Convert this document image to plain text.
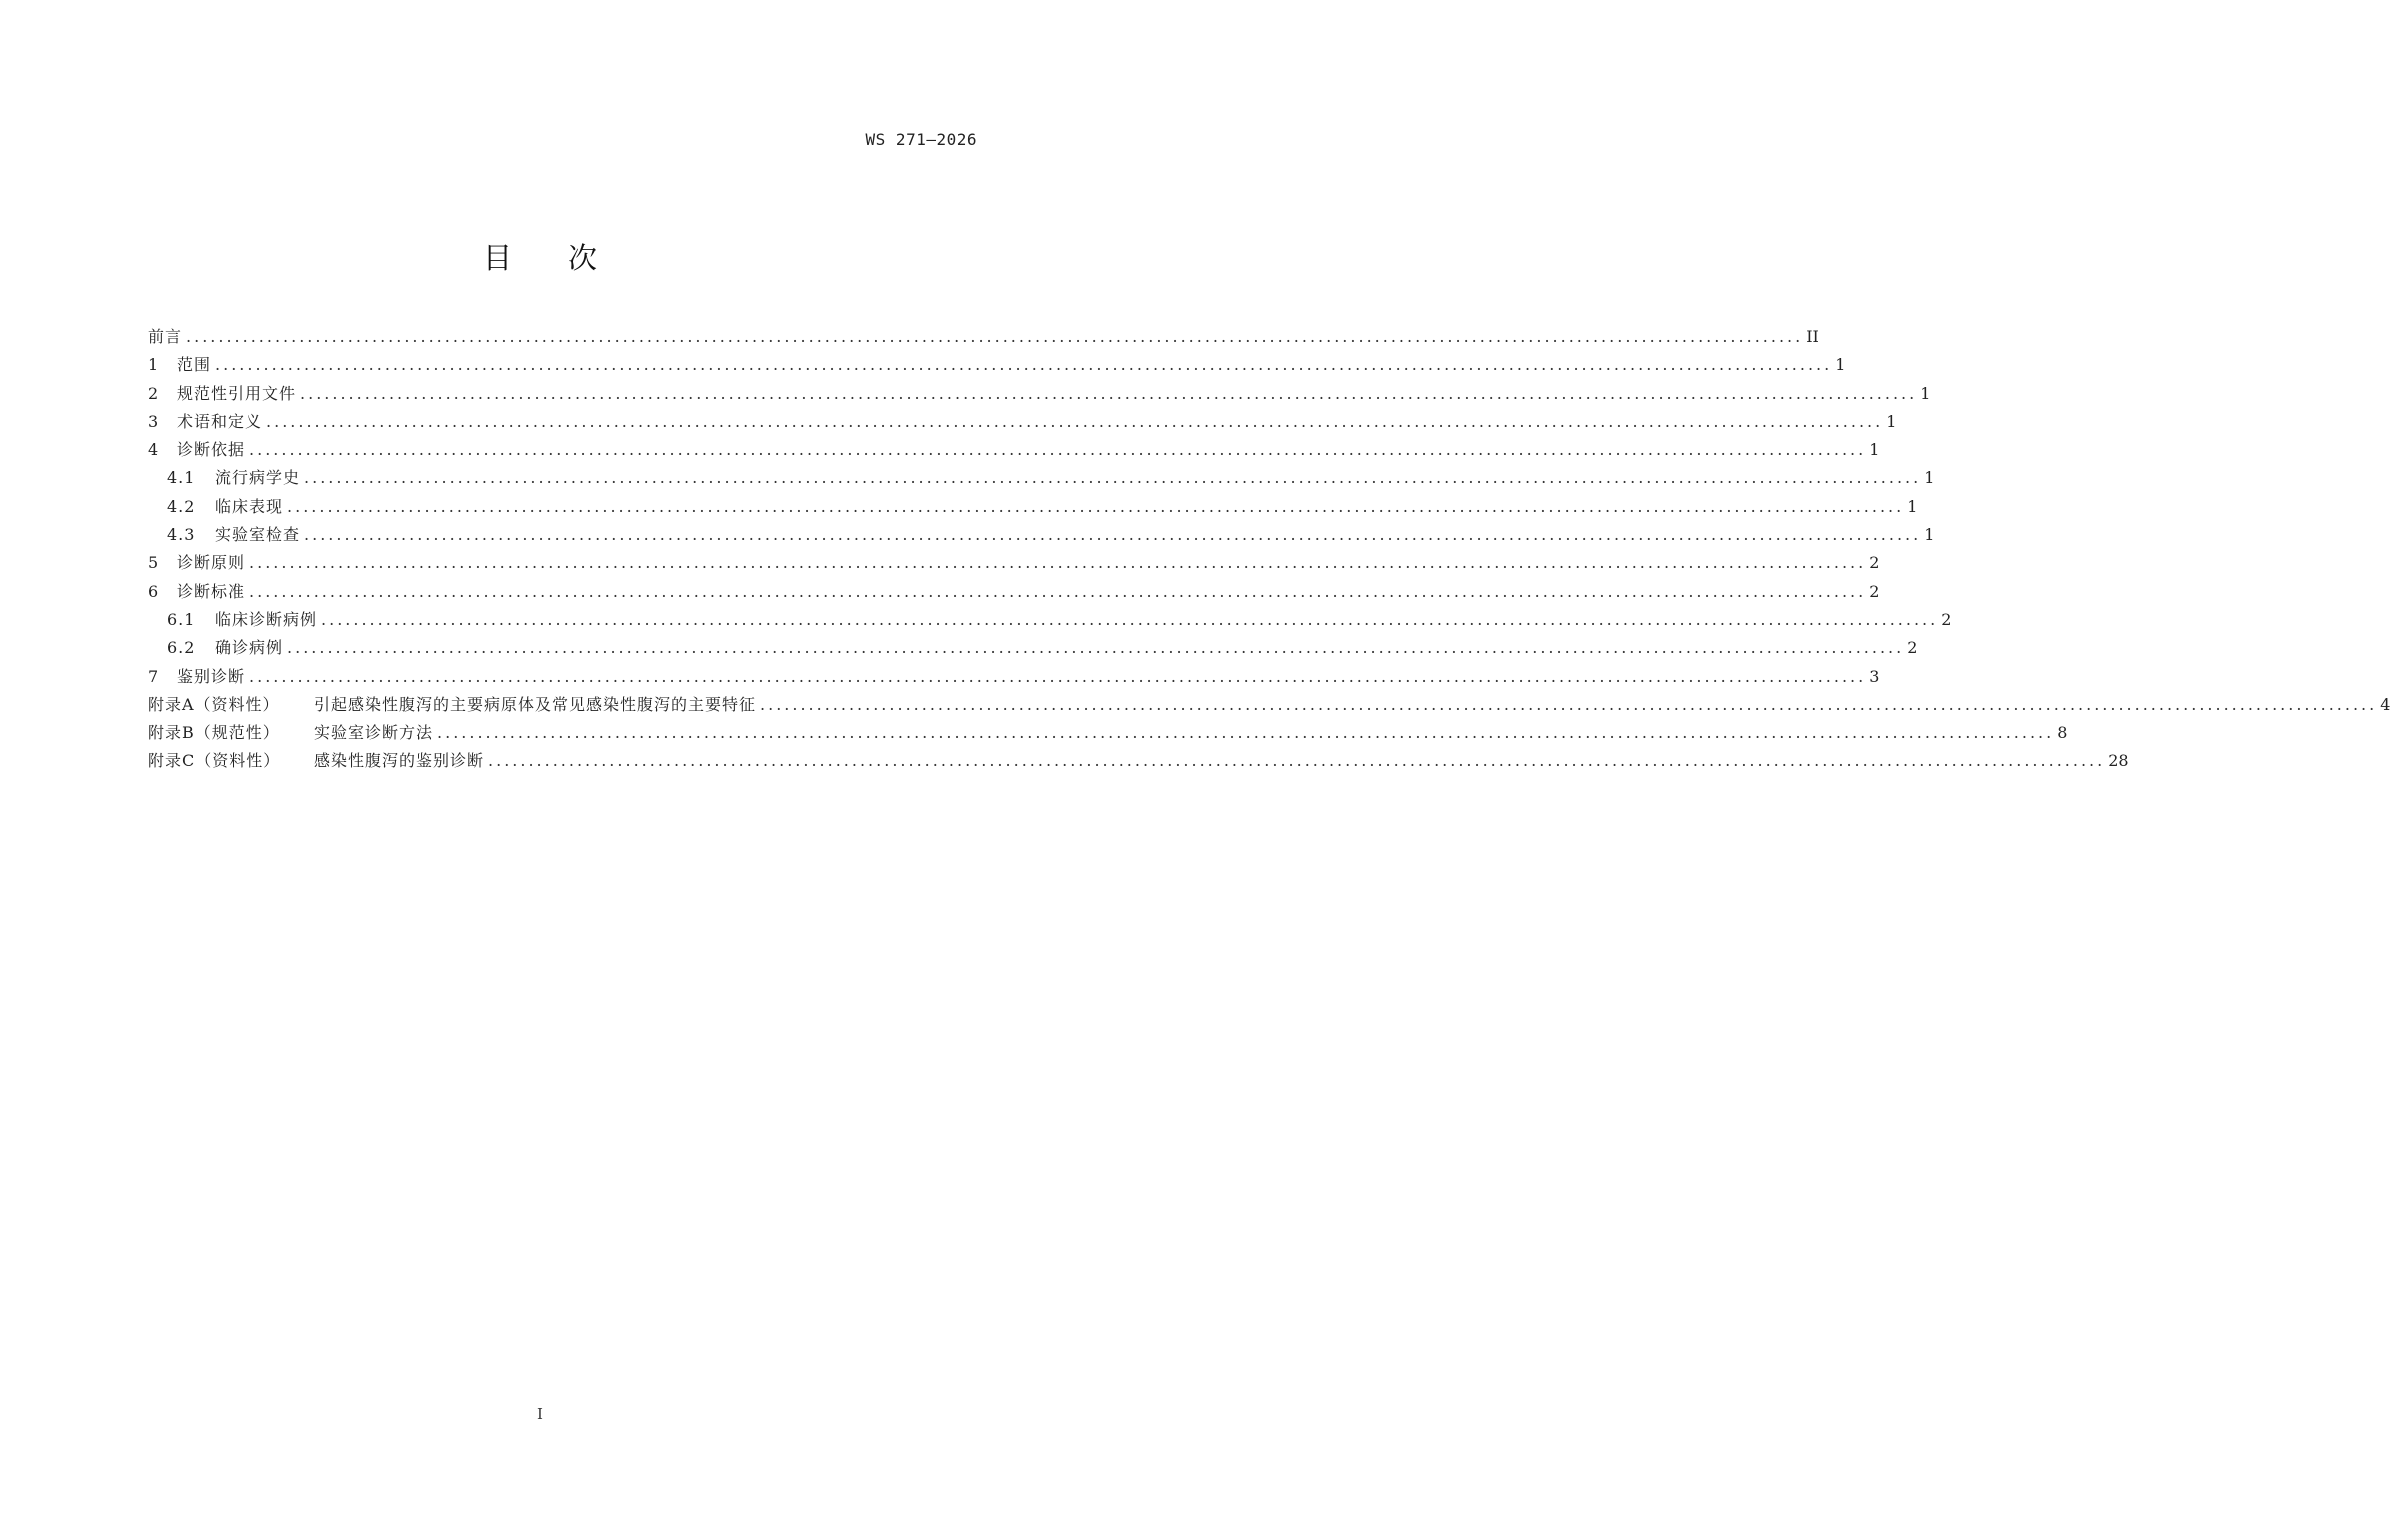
WS 271—2026
目次
前言 ........................................................................................................................................................................................................ II
1	范围 ........................................................................................................................................................................................................ 1
2	规范性引用文件 ........................................................................................................................................................................................................ 1
3	术语和定义 ........................................................................................................................................................................................................ 1
4	诊断依据 ........................................................................................................................................................................................................ 1
4.1	流行病学史 ........................................................................................................................................................................................................ 1
4.2	临床表现 ........................................................................................................................................................................................................ 1
4.3	实验室检查 ........................................................................................................................................................................................................ 1
5	诊断原则 ........................................................................................................................................................................................................ 2
6	诊断标准 ........................................................................................................................................................................................................ 2
6.1	临床诊断病例 ........................................................................................................................................................................................................ 2
6.2	确诊病例 ........................................................................................................................................................................................................ 2
7	鉴别诊断 ........................................................................................................................................................................................................ 3
附录A（资料性） 引起感染性腹泻的主要病原体及常见感染性腹泻的主要特征 ........................................................................................................................................................................................................ 4
附录B（规范性） 实验室诊断方法 ........................................................................................................................................................................................................ 8
附录C（资料性） 感染性腹泻的鉴别诊断 ........................................................................................................................................................................................................ 28
I
